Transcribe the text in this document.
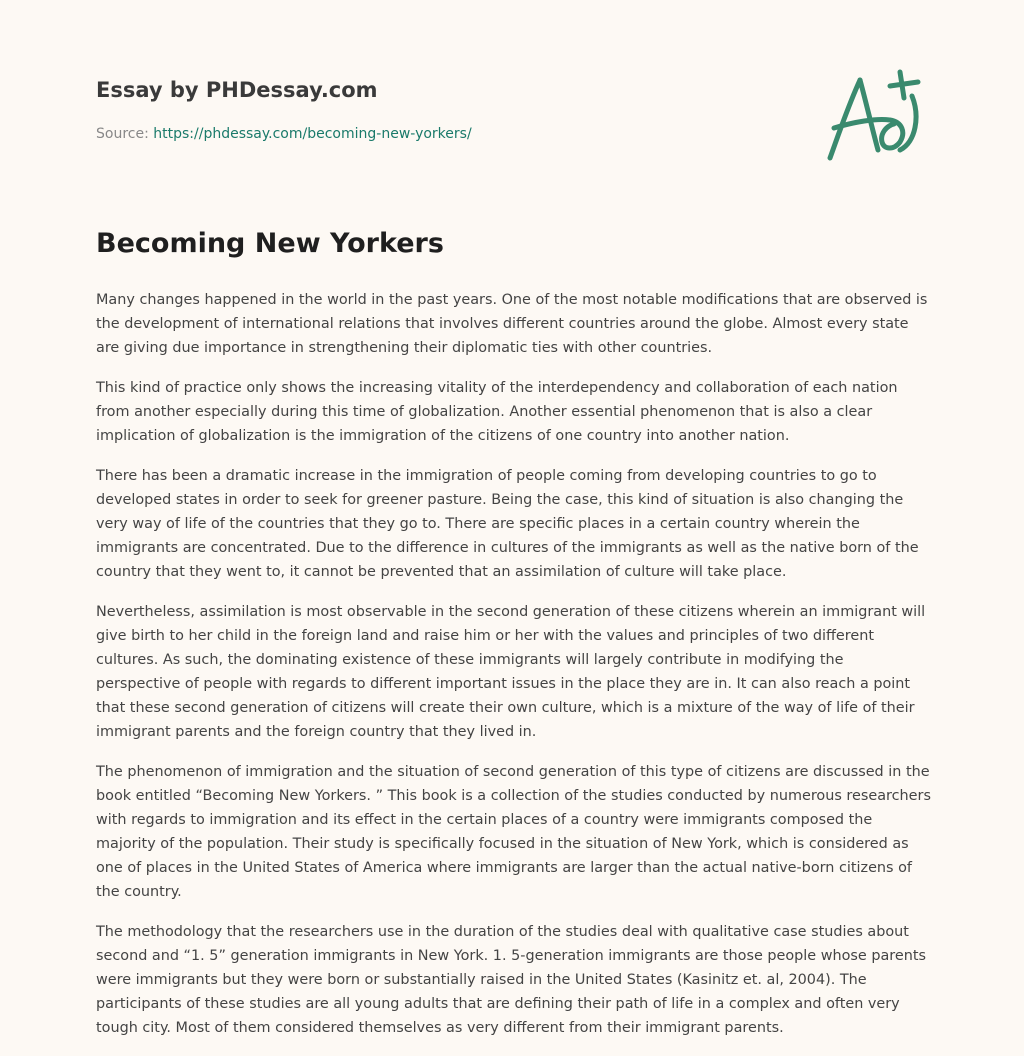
Essay by PHDessay.com
Source: https://phdessay.com/becoming-new-yorkers/
Becoming New Yorkers

Many changes happened in the world in the past years. One of the most notable modifications that are observed is the development of international relations that involves different countries around the globe. Almost every state are giving due importance in strengthening their diplomatic ties with other countries.

This kind of practice only shows the increasing vitality of the interdependency and collaboration of each nation from another especially during this time of globalization. Another essential phenomenon that is also a clear implication of globalization is the immigration of the citizens of one country into another nation.

There has been a dramatic increase in the immigration of people coming from developing countries to go to developed states in order to seek for greener pasture. Being the case, this kind of situation is also changing the very way of life of the countries that they go to. There are specific places in a certain country wherein the immigrants are concentrated. Due to the difference in cultures of the immigrants as well as the native born of the country that they went to, it cannot be prevented that an assimilation of culture will take place.

Nevertheless, assimilation is most observable in the second generation of these citizens wherein an immigrant will give birth to her child in the foreign land and raise him or her with the values and principles of two different cultures. As such, the dominating existence of these immigrants will largely contribute in modifying the perspective of people with regards to different important issues in the place they are in. It can also reach a point that these second generation of citizens will create their own culture, which is a mixture of the way of life of their immigrant parents and the foreign country that they lived in.

The phenomenon of immigration and the situation of second generation of this type of citizens are discussed in the book entitled “Becoming New Yorkers. ” This book is a collection of the studies conducted by numerous researchers with regards to immigration and its effect in the certain places of a country were immigrants composed the majority of the population. Their study is specifically focused in the situation of New York, which is considered as one of places in the United States of America where immigrants are larger than the actual native-born citizens of the country.

The methodology that the researchers use in the duration of the studies deal with qualitative case studies about second and “1. 5” generation immigrants in New York. 1. 5-generation immigrants are those people whose parents were immigrants but they were born or substantially raised in the United States (Kasinitz et. al, 2004). The participants of these studies are all young adults that are defining their path of life in a complex and often very tough city. Most of them considered themselves as very different from their immigrant parents.
